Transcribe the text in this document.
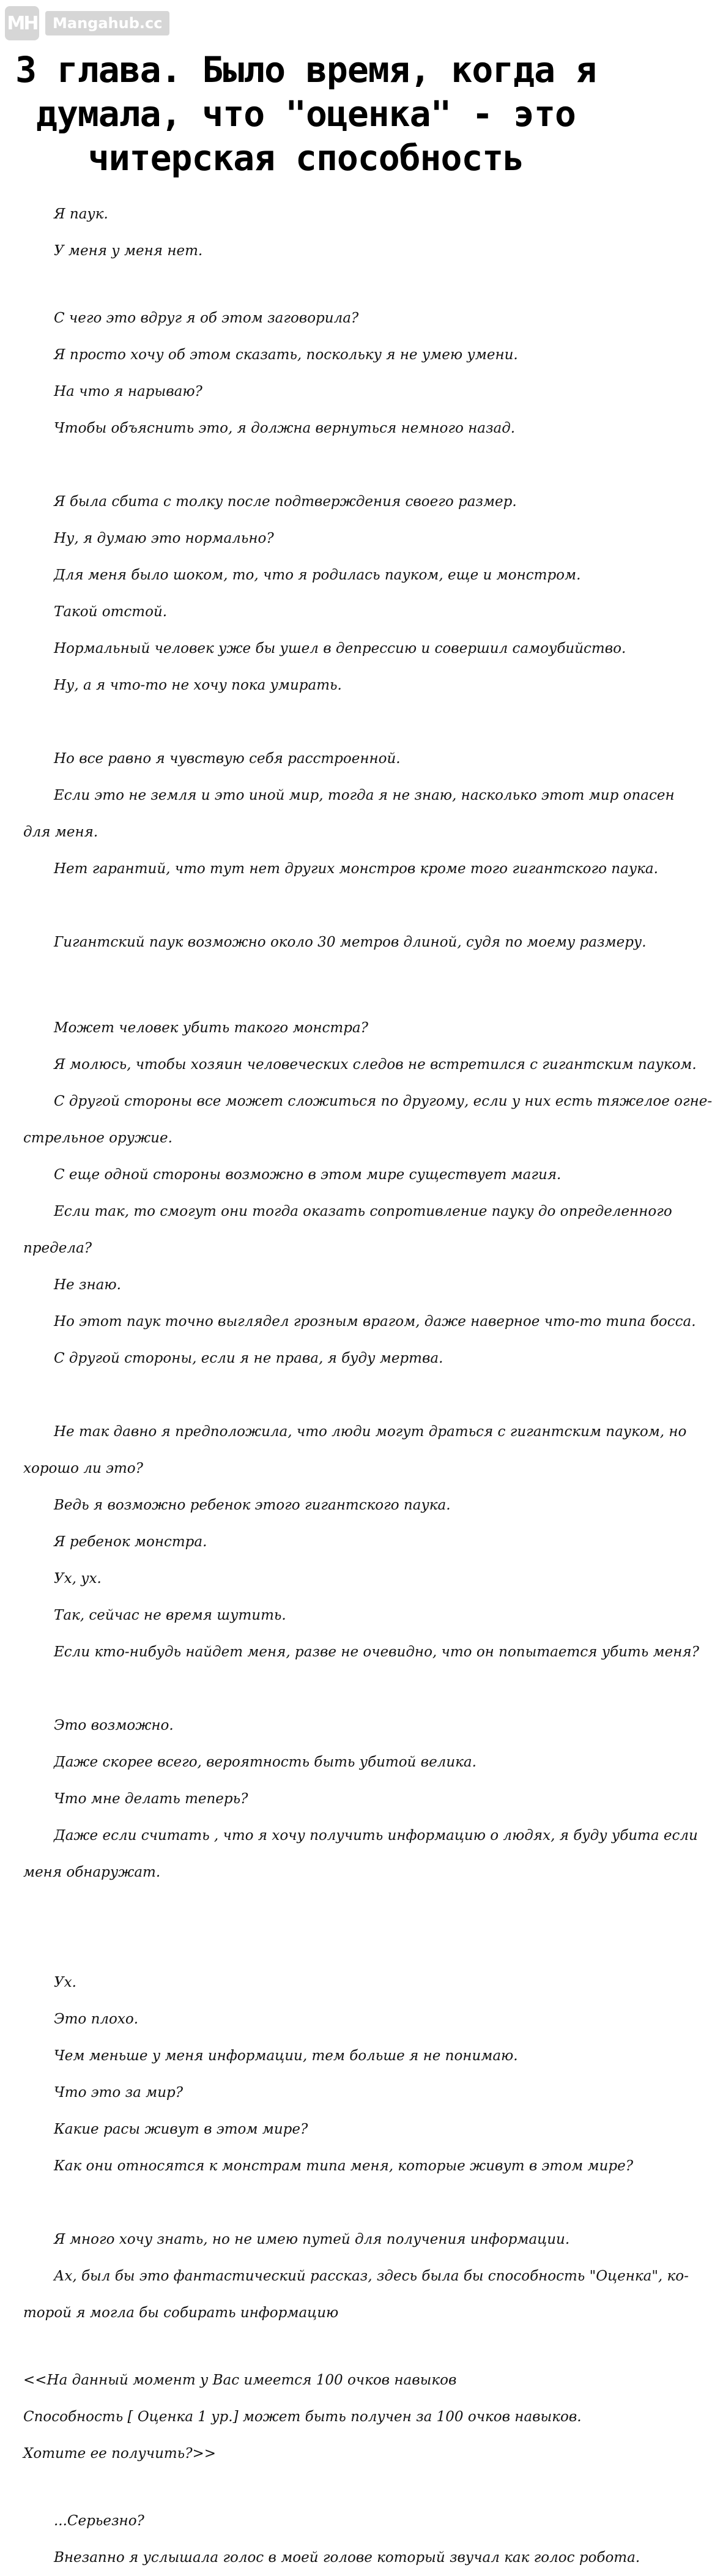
MH	Mangahub.cc
3 глава. Было время, когда я думала, что "оценка" - это читерская способность
Я паук.
У меня у меня нет.
С чего это вдруг я об этом заговорила?
Я просто хочу об этом сказать, поскольку я не умею умени.
На что я нарываю?
Чтобы объяснить это, я должна вернуться немного назад.
Я была сбита с толку после подтверждения своего размер.
Ну, я думаю это нормально?
Для меня было шоком, то, что я родилась пауком, еще и монстром.
Такой отстой.
Нормальный человек уже бы ушел в депрессию и совершил самоубийство.
Ну, а я что-то не хочу пока умирать.
Но все равно я чувствую себя расстроенной.
Если это не земля и это иной мир, тогда я не знаю, насколько этот мир опасен
для меня.
Нет гарантий, что тут нет других монстров кроме того гигантского паука.
Гигантский паук возможно около 30 метров длиной, судя по моему размеру.
Может человек убить такого монстра?
Я молюсь, чтобы хозяин человеческих следов не встретился с гигантским пауком.
С другой стороны все может сложиться по другому, если у них есть тяжелое огне-
стрельное оружие.
С еще одной стороны возможно в этом мире существует магия.
Если так, то смогут они тогда оказать сопротивление пауку до определенного
предела?
Не знаю.
Но этот паук точно выглядел грозным врагом, даже наверное что-то типа босса.
С другой стороны, если я не права, я буду мертва.
Не так давно я предположила, что люди могут драться с гигантским пауком, но
хорошо ли это?
Ведь я возможно ребенок этого гигантского паука.
Я ребенок монстра.
Ух, ух.
Так, сейчас не время шутить.
Если кто-нибудь найдет меня, разве не очевидно, что он попытается убить меня?
Это возможно.
Даже скорее всего, вероятность быть убитой велика.
Что мне делать теперь?
Даже если считать , что я хочу получить информацию о людях, я буду убита если
меня обнаружат.
Ух.
Это плохо.
Чем меньше у меня информации, тем больше я не понимаю.
Что это за мир?
Какие расы живут в этом мире?
Как они относятся к монстрам типа меня, которые живут в этом мире?
Я много хочу знать, но не имею путей для получения информации.
Ах, был бы это фантастический рассказ, здесь была бы способность "Оценка", ко-
торой я могла бы собирать информацию
<<На данный момент у Вас имеется 100 очков навыков
Способность [ Оценка 1 ур.] может быть получен за 100 очков навыков.
Хотите ее получить?>>
...Серьезно?
Внезапно я услышала голос в моей голове который звучал как голос робота.
